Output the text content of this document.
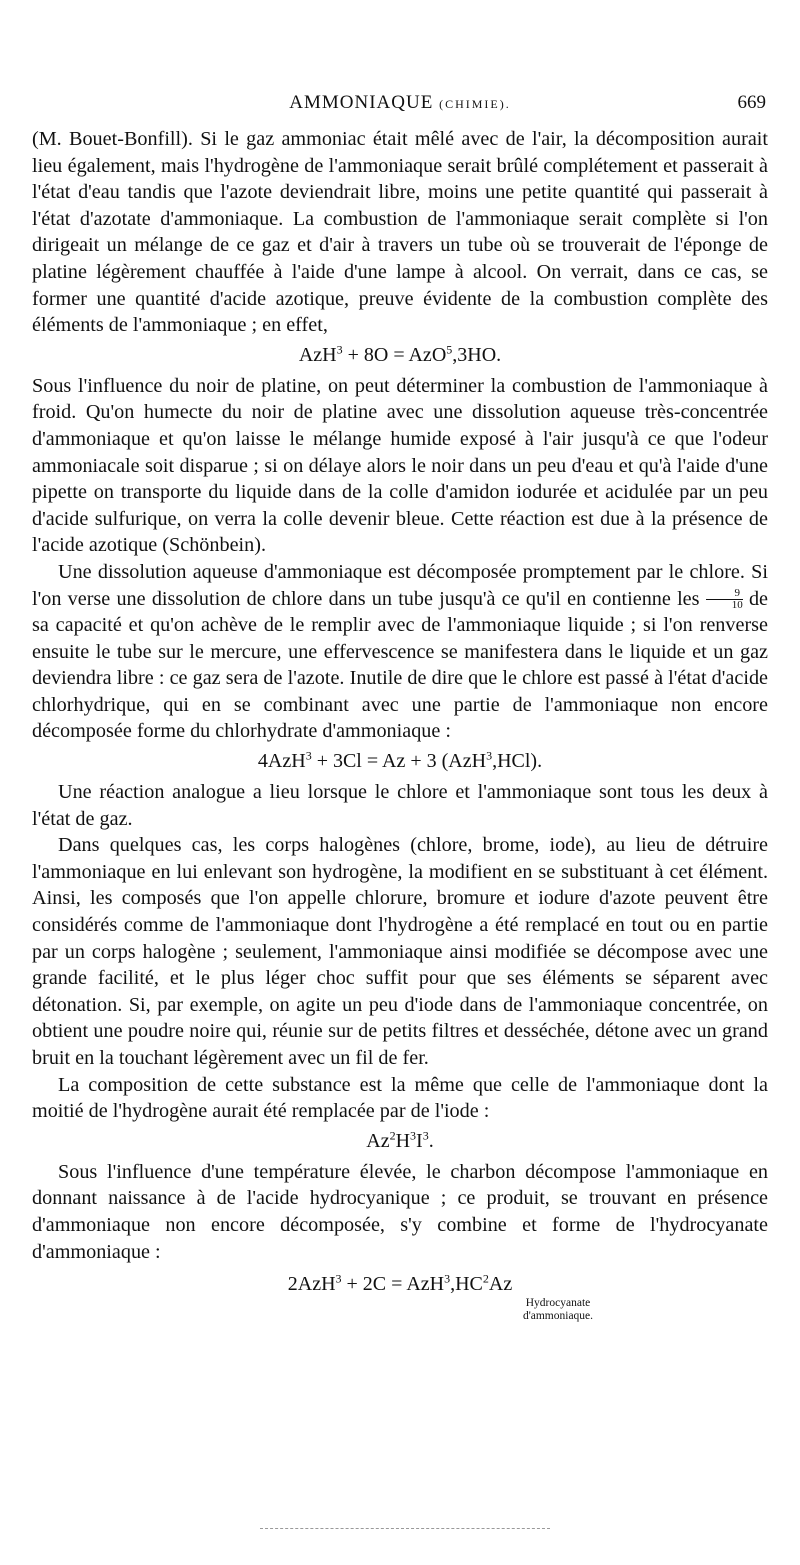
AMMONIAQUE (CHIMIE).	669

(M. Bouet-Bonfill). Si le gaz ammoniac était mêlé avec de l'air, la décomposition aurait lieu également, mais l'hydrogène de l'ammoniaque serait brûlé complétement et passerait à l'état d'eau tandis que l'azote deviendrait libre, moins une petite quantité qui passerait à l'état d'azotate d'ammoniaque. La combustion de l'ammoniaque serait complète si l'on dirigeait un mélange de ce gaz et d'air à travers un tube où se trouverait de l'éponge de platine légèrement chauffée à l'aide d'une lampe à alcool. On verrait, dans ce cas, se former une quantité d'acide azotique, preuve évidente de la combustion complète des éléments de l'ammoniaque ; en effet,

AzH$^3$ + 8O = AzO$^5$,3HO.

Sous l'influence du noir de platine, on peut déterminer la combustion de l'ammoniaque à froid. Qu'on humecte du noir de platine avec une dissolution aqueuse très-concentrée d'ammoniaque et qu'on laisse le mélange humide exposé à l'air jusqu'à ce que l'odeur ammoniacale soit disparue ; si on délaye alors le noir dans un peu d'eau et qu'à l'aide d'une pipette on transporte du liquide dans de la colle d'amidon iodurée et acidulée par un peu d'acide sulfurique, on verra la colle devenir bleue. Cette réaction est due à la présence de l'acide azotique (Schönbein).

Une dissolution aqueuse d'ammoniaque est décomposée promptement par le chlore. Si l'on verse une dissolution de chlore dans un tube jusqu'à ce qu'il en contienne les $\frac{9}{10}$ de sa capacité et qu'on achève de le remplir avec de l'ammoniaque liquide ; si l'on renverse ensuite le tube sur le mercure, une effervescence se manifestera dans le liquide et un gaz deviendra libre : ce gaz sera de l'azote. Inutile de dire que le chlore est passé à l'état d'acide chlorhydrique, qui en se combinant avec une partie de l'ammoniaque non encore décomposée forme du chlorhydrate d'ammoniaque :

4AzH$^3$ + 3Cl = Az + 3 (AzH$^3$,HCl).

Une réaction analogue a lieu lorsque le chlore et l'ammoniaque sont tous les deux à l'état de gaz.

Dans quelques cas, les corps halogènes (chlore, brome, iode), au lieu de détruire l'ammoniaque en lui enlevant son hydrogène, la modifient en se substituant à cet élément. Ainsi, les composés que l'on appelle chlorure, bromure et iodure d'azote peuvent être considérés comme de l'ammoniaque dont l'hydrogène a été remplacé en tout ou en partie par un corps halogène ; seulement, l'ammoniaque ainsi modifiée se décompose avec une grande facilité, et le plus léger choc suffit pour que ses éléments se séparent avec détonation. Si, par exemple, on agite un peu d'iode dans de l'ammoniaque concentrée, on obtient une poudre noire qui, réunie sur de petits filtres et desséchée, détone avec un grand bruit en la touchant légèrement avec un fil de fer.

La composition de cette substance est la même que celle de l'ammoniaque dont la moitié de l'hydrogène aurait été remplacée par de l'iode :

$Az^2H^3I^3$.

Sous l'influence d'une température élevée, le charbon décompose l'ammoniaque en donnant naissance à de l'acide hydrocyanique ; ce produit, se trouvant en présence d'ammoniaque non encore décomposée, s'y combine et forme de l'hydrocyanate d'ammoniaque :

$2AzH^3 + 2C = AzH^3,HC^2Az$
Hydrocyanate
d'ammoniaque.
